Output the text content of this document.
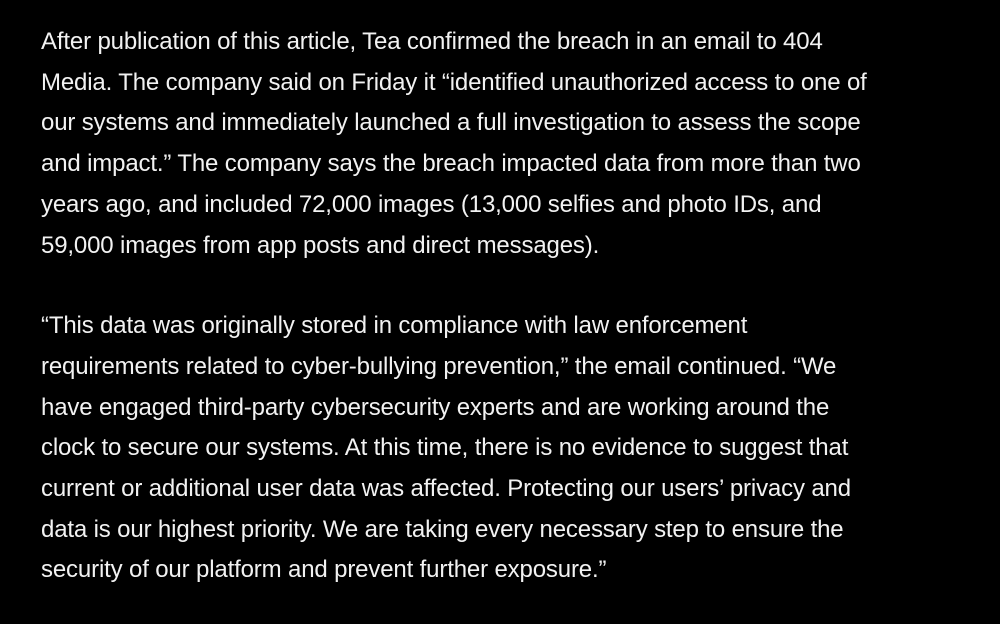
After publication of this article, Tea confirmed the breach in an email to 404
Media. The company said on Friday it “identified unauthorized access to one of
our systems and immediately launched a full investigation to assess the scope
and impact.” The company says the breach impacted data from more than two
years ago, and included 72,000 images (13,000 selfies and photo IDs, and
59,000 images from app posts and direct messages).

“This data was originally stored in compliance with law enforcement
requirements related to cyber-bullying prevention,” the email continued. “We
have engaged third-party cybersecurity experts and are working around the
clock to secure our systems. At this time, there is no evidence to suggest that
current or additional user data was affected. Protecting our users’ privacy and
data is our highest priority. We are taking every necessary step to ensure the
security of our platform and prevent further exposure.”
